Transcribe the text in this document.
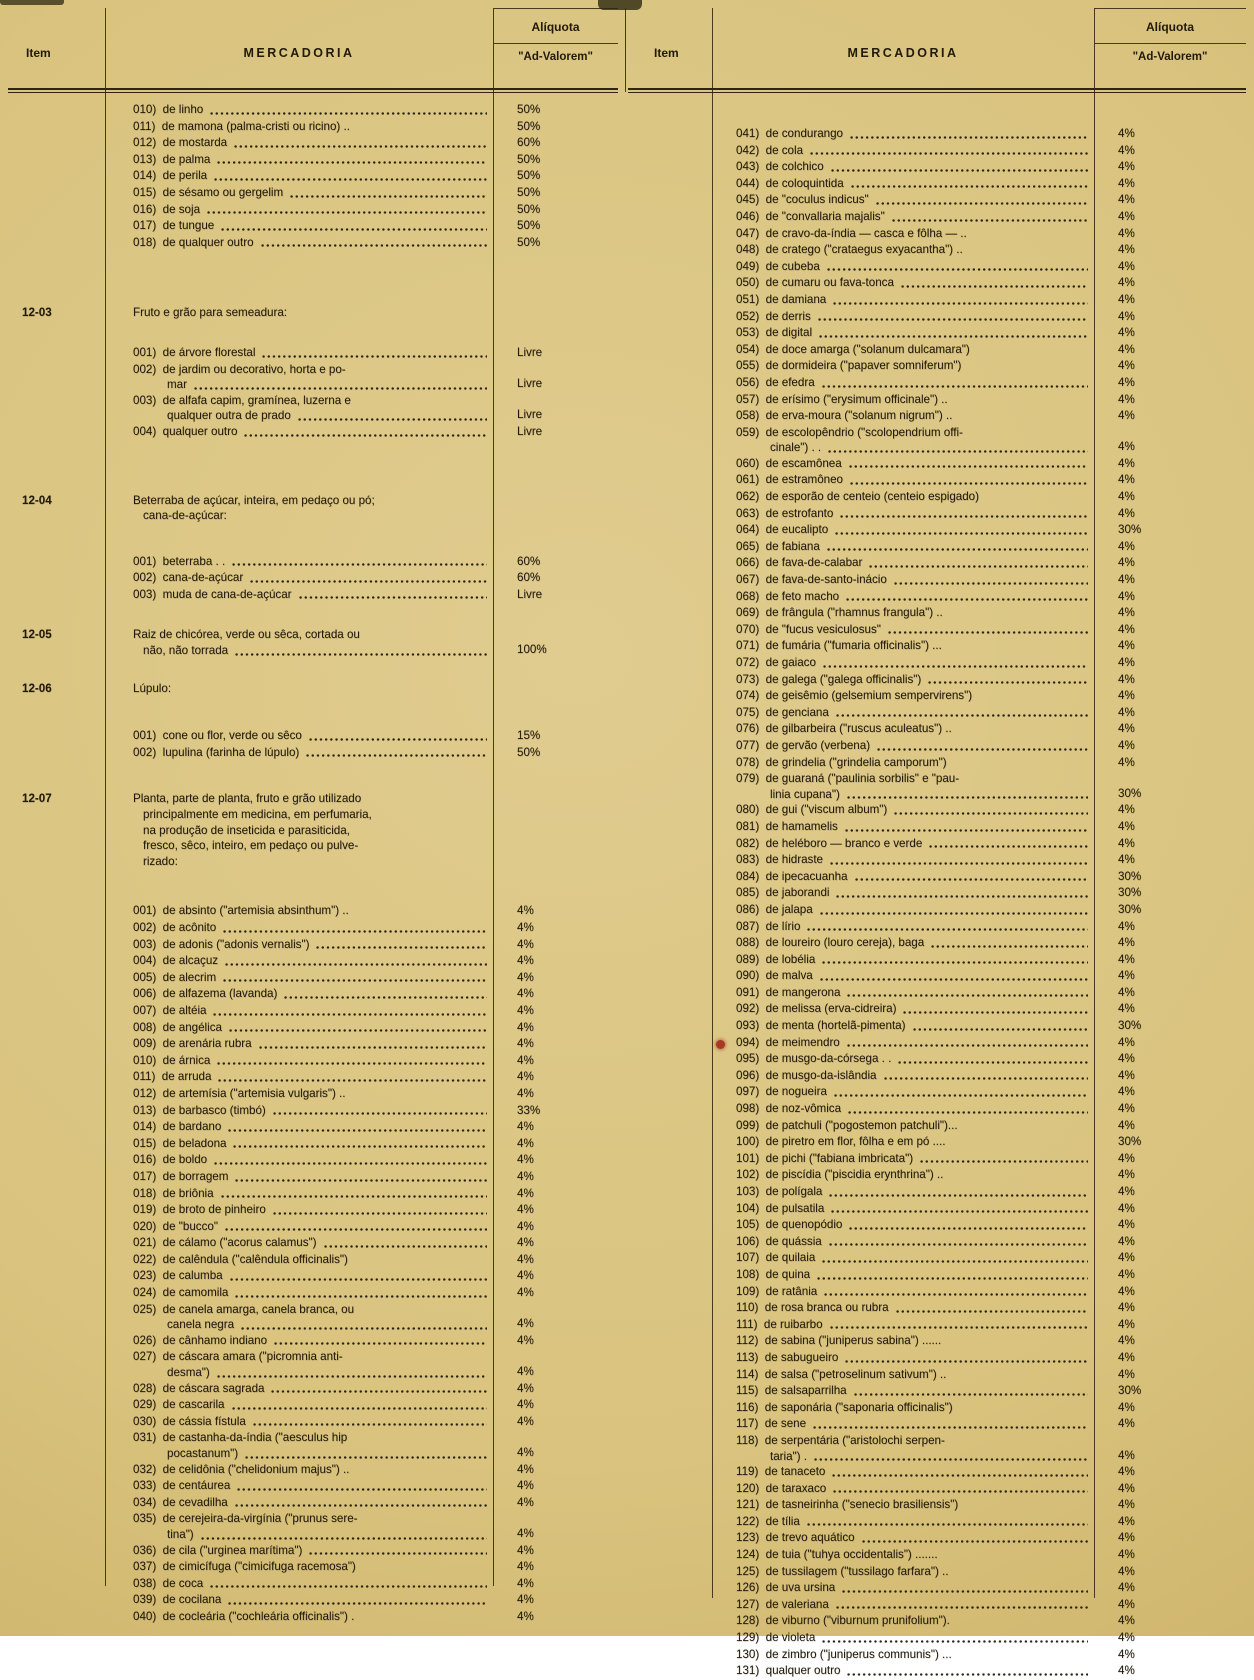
Item	MERCADORIA
Alíquota
"Ad-Valorem"
010)  de linho	50%
011)  de mamona (palma-cristi ou ricino) ..	50%
012)  de mostarda	60%
013)  de palma	50%
014)  de perila	50%
015)  de sésamo ou gergelim	50%
016)  de soja	50%
017)  de tungue	50%
018)  de qualquer outro	50%
12-03	Fruto e grão para semeadura:
001)  de árvore florestal	Livre
002)  de jardim ou decorativo, horta e po-
mar	Livre
003)  de alfafa capim, gramínea, luzerna e
qualquer outra de prado	Livre
004)  qualquer outro	Livre
12-04	Beterraba de açúcar, inteira, em pedaço ou pó;
cana-de-açúcar:
001)  beterraba . .	60%
002)  cana-de-açúcar	60%
003)  muda de cana-de-açúcar	Livre
12-05	Raiz de chicórea, verde ou sêca, cortada ou
não, não torrada	100%
12-06	Lúpulo:
001)  cone ou flor, verde ou sêco	15%
002)  lupulina (farinha de lúpulo)	50%
12-07	Planta, parte de planta, fruto e grão utilizado
principalmente em medicina, em perfumaria,
na produção de inseticida e parasiticida,
fresco, sêco, inteiro, em pedaço ou pulve-
rizado:
001)  de absinto ("artemisia absinthum") ..	4%
002)  de acônito	4%
003)  de adonis ("adonis vernalis")	4%
004)  de alcaçuz	4%
005)  de alecrim	4%
006)  de alfazema (lavanda)	4%
007)  de altéia	4%
008)  de angélica	4%
009)  de arenária rubra	4%
010)  de árnica	4%
011)  de arruda	4%
012)  de artemísia ("artemisia vulgaris") ..	4%
013)  de barbasco (timbó)	33%
014)  de bardano	4%
015)  de beladona	4%
016)  de boldo	4%
017)  de borragem	4%
018)  de briônia	4%
019)  de broto de pinheiro	4%
020)  de "bucco"	4%
021)  de cálamo ("acorus calamus")	4%
022)  de calêndula ("calêndula officinalis")	4%
023)  de calumba	4%
024)  de camomila	4%
025)  de canela amarga, canela branca, ou
canela negra	4%
026)  de cânhamo indiano	4%
027)  de cáscara amara ("picromnia anti-
desma")	4%
028)  de cáscara sagrada	4%
029)  de cascarila	4%
030)  de cássia fístula	4%
031)  de castanha-da-índia ("aesculus hip
pocastanum")	4%
032)  de celidônia ("chelidonium majus") ..	4%
033)  de centáurea	4%
034)  de cevadilha	4%
035)  de cerejeira-da-virgínia ("prunus sere-
tina")	4%
036)  de cila ("urginea marítima")	4%
037)  de cimicífuga ("cimicifuga racemosa")	4%
038)  de coca	4%
039)  de cocilana	4%
040)  de cocleária ("cochleária officinalis") .	4%
Item	MERCADORIA
Alíquota
"Ad-Valorem"
041)  de condurango	4%
042)  de cola	4%
043)  de colchico	4%
044)  de coloquintida	4%
045)  de "coculus indicus"	4%
046)  de "convallaria majalis"	4%
047)  de cravo-da-índia — casca e fôlha — ..	4%
048)  de cratego ("crataegus exyacantha") ..	4%
049)  de cubeba	4%
050)  de cumaru ou fava-tonca	4%
051)  de damiana	4%
052)  de derris	4%
053)  de digital	4%
054)  de doce amarga ("solanum dulcamara")	4%
055)  de dormideira ("papaver somniferum")	4%
056)  de efedra	4%
057)  de erísimo ("erysimum officinale") ..	4%
058)  de erva-moura ("solanum nigrum") ..	4%
059)  de escolopêndrio ("scolopendrium offi-
cinale") . .	4%
060)  de escamônea	4%
061)  de estramôneo	4%
062)  de esporão de centeio (centeio espigado)	4%
063)  de estrofanto	4%
064)  de eucalipto	30%
065)  de fabiana	4%
066)  de fava-de-calabar	4%
067)  de fava-de-santo-inácio	4%
068)  de feto macho	4%
069)  de frângula ("rhamnus frangula") ..	4%
070)  de "fucus vesiculosus"	4%
071)  de fumária ("fumaria officinalis") ...	4%
072)  de gaiaco	4%
073)  de galega ("galega officinalis")	4%
074)  de geisêmio (gelsemium sempervirens")	4%
075)  de genciana	4%
076)  de gilbarbeira ("ruscus aculeatus") ..	4%
077)  de gervão (verbena)	4%
078)  de grindelia ("grindelia camporum")	4%
079)  de guaraná ("paulinia sorbilis" e "pau-
linia cupana")	30%
080)  de gui ("viscum album")	4%
081)  de hamamelis	4%
082)  de heléboro — branco e verde	4%
083)  de hidraste	4%
084)  de ipecacuanha	30%
085)  de jaborandi	30%
086)  de jalapa	30%
087)  de lírio	4%
088)  de loureiro (louro cereja), baga	4%
089)  de lobélia	4%
090)  de malva	4%
091)  de mangerona	4%
092)  de melissa (erva-cidreira)	4%
093)  de menta (hortelã-pimenta)	30%
094)  de meimendro	4%
095)  de musgo-da-córsega . .	4%
096)  de musgo-da-islândia	4%
097)  de nogueira	4%
098)  de noz-vômica	4%
099)  de patchuli ("pogostemon patchuli")...	4%
100)  de piretro em flor, fôlha e em pó ....	30%
101)  de pichi ("fabiana imbricata")	4%
102)  de piscídia ("piscidia erynthrina") ..	4%
103)  de polígala	4%
104)  de pulsatila	4%
105)  de quenopódio	4%
106)  de quássia	4%
107)  de quilaia	4%
108)  de quina	4%
109)  de ratânia	4%
110)  de rosa branca ou rubra	4%
111)  de ruibarbo	4%
112)  de sabina ("juniperus sabina") ......	4%
113)  de sabugueiro	4%
114)  de salsa ("petroselinum sativum") ..	4%
115)  de salsaparrilha	30%
116)  de saponária ("saponaria officinalis")	4%
117)  de sene	4%
118)  de serpentária ("aristolochi serpen-
taria") .	4%
119)  de tanaceto	4%
120)  de taraxaco	4%
121)  de tasneirinha ("senecio brasiliensis")	4%
122)  de tília	4%
123)  de trevo aquático	4%
124)  de tuia ("tuhya occidentalis") .......	4%
125)  de tussilagem ("tussilago farfara") ..	4%
126)  de uva ursina	4%
127)  de valeriana	4%
128)  de viburno ("viburnum prunifolium").	4%
129)  de violeta	4%
130)  de zimbro ("juniperus communis") ...	4%
131)  qualquer outro	4%
